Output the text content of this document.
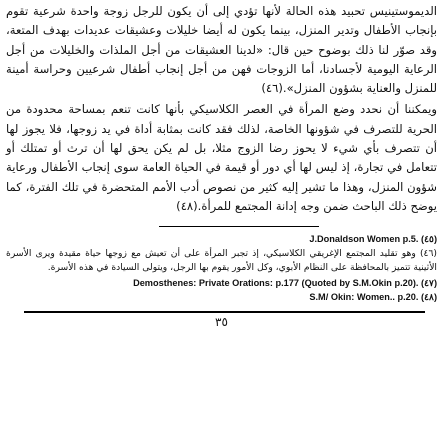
الديموستينيس تحبيد هذه الحالة لأنها تؤدي إلى أن يكون للرجل زوجة واحدة شرعية تقوم بإنجاب الأطفال وتدير المنزل، بينما يكون له أيضا خليلات وعشيقات عديدات بهدف المتعة، وقد صوّر لنا ذلك بوضوح حين قال: «لدينا العشيقات من أجل الملذات والخليلات من أجل الرعاية اليومية لأجسادنا، أما الزوجات فهن من أجل إنجاب أطفال شرعيين وحراسة أمينة للمنزل والعناية بشؤون المنزل».(٤٦)

ويمكننا أن نحدد وضع المرأة في العصر الكلاسيكي بأنها كانت تنعم بمساحة محدودة من الحرية للتصرف في شؤونها الخاصة، لذلك فقد كانت بمثابة أداة في يد زوجها، فلا يجوز لها أن تتصرف بأي شيء لا يحوز رضا الزوج مثلا، بل لم يكن يحق لها أن ترث أو تمتلك أو تتعامل في تجارة، إذ ليس لها أي دور أو قيمة في الحياة العامة سوى إنجاب الأطفال ورعاية شؤون المنزل، وهذا ما تشير إليه كثير من نصوص أدب الأمم المتحضرة في تلك الفترة، كما يوضح ذلك الباحث ضمن وجه إدانة المجتمع للمرأة.(٤٨)

J.Donaldson Women p.5. (٤٥)
(٤٦) وهو تقليد المجتمع الإغريقي الكلاسيكي، إذ تجبر المرأة على أن تعيش مع زوجها حياة مقيدة ويرى الأسرة الأثينية تتميز بالمحافظة على النظام الأبوي، وكل الأمور يقوم بها الرجل، ويتولى السيادة في هذه الأسرة.
Demosthenes: Private Orations: p.177 (Quoted by S.M.Okin p.20). (٤٧)
S.M/ Okin: Women.. p.20. (٤٨)
٣٥
